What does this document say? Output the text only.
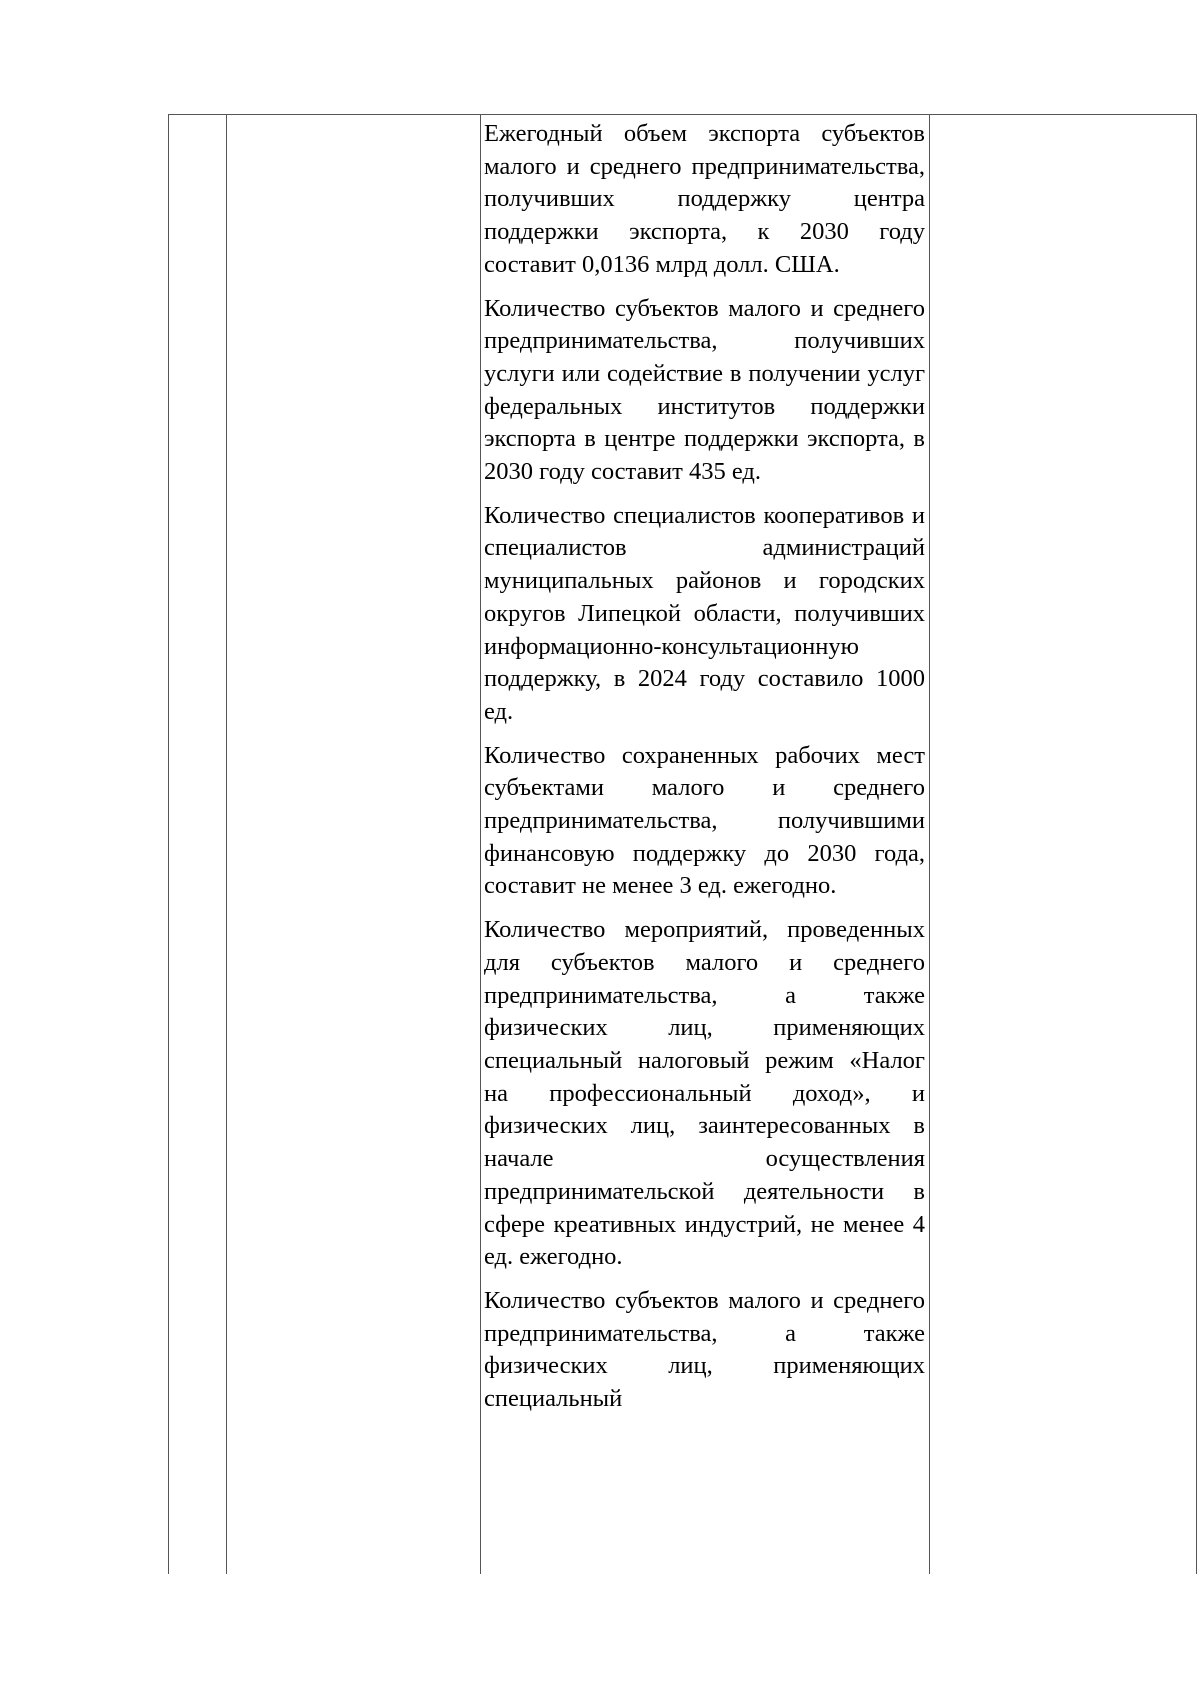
Ежегодный объем экспорта субъектов малого и среднего предпринимательства, получивших поддержку центра поддержки экспорта, к 2030 году составит 0,0136 млрд долл. США.

Количество субъектов малого и среднего предпринимательства, получивших услуги или содействие в получении услуг федеральных институтов поддержки экспорта в центре поддержки экспорта, в 2030 году составит 435 ед.

Количество специалистов кооперативов и специалистов администраций муниципальных районов и городских округов Липецкой области, получивших информационно-консультационную поддержку, в 2024 году составило 1000 ед.

Количество сохраненных рабочих мест субъектами малого и среднего предпринимательства, получившими финансовую поддержку до 2030 года, составит не менее 3 ед. ежегодно.

Количество мероприятий, проведенных для субъектов малого и среднего предпринимательства, а также физических лиц, применяющих специальный налоговый режим «Налог на профессиональный доход», и физических лиц, заинтересованных в начале осуществления предпринимательской деятельности в сфере креативных индустрий, не менее 4 ед. ежегодно.

Количество субъектов малого и среднего предпринимательства, а также физических лиц, применяющих специальный
